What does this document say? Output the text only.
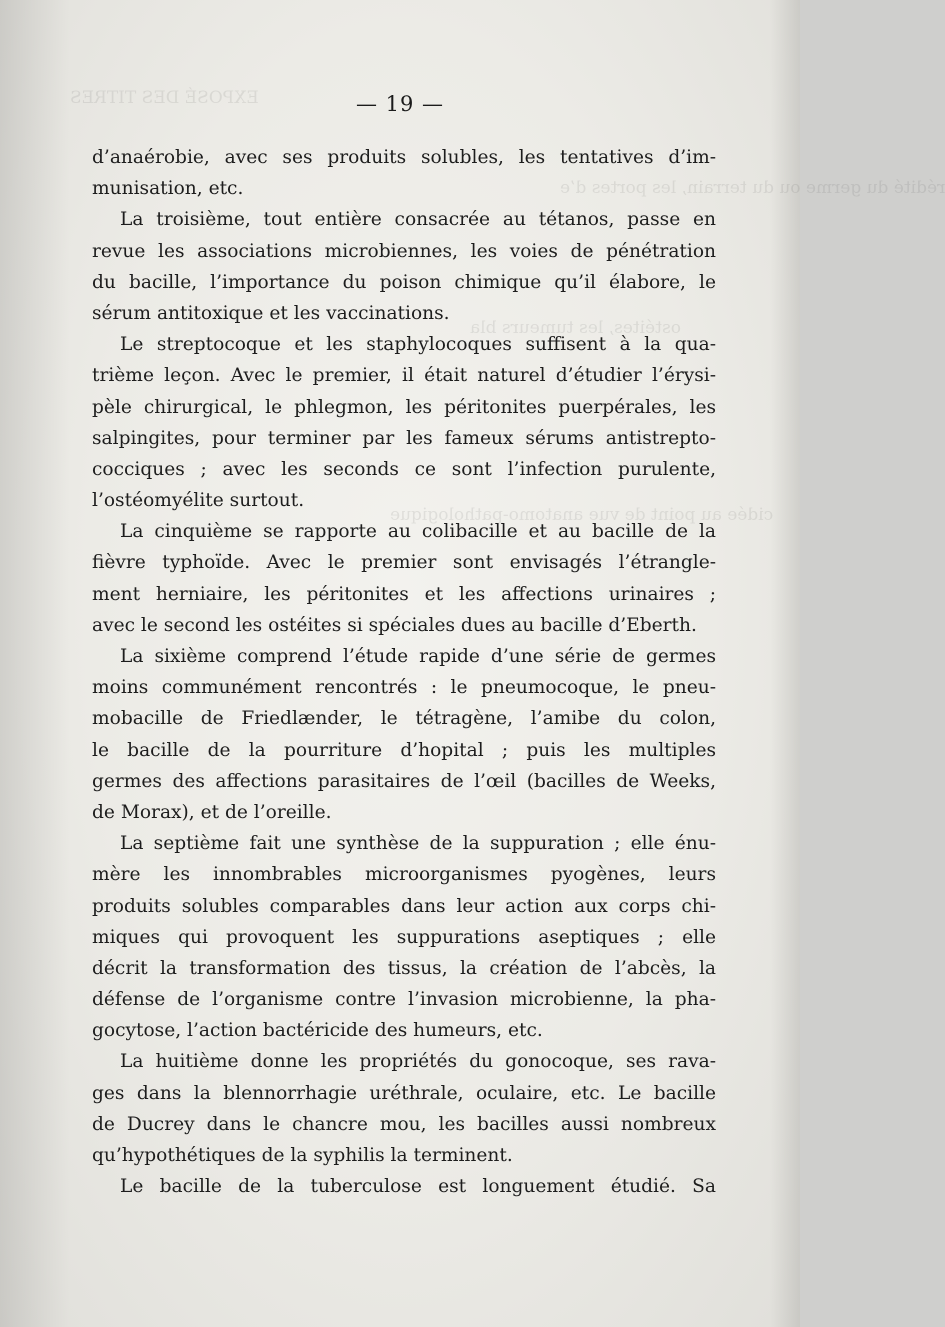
EXPOSÉ DES TITRES
rédité du germe ou du terrain, les portes d’e
ostéites, les tumeurs bla
cidée au point de vue anatomo-pathologique
— 19 —
d’anaérobie, avec ses produits solubles, les tentatives d’im-
munisation, etc.
La troisième, tout entière consacrée au tétanos, passe en
revue les associations microbiennes, les voies de pénétration
du bacille, l’importance du poison chimique qu’il élabore, le
sérum antitoxique et les vaccinations.
Le streptocoque et les staphylocoques suffisent à la qua-
trième leçon. Avec le premier, il était naturel d’étudier l’érysi-
pèle chirurgical, le phlegmon, les péritonites puerpérales, les
salpingites, pour terminer par les fameux sérums antistrepto-
cocciques ; avec les seconds ce sont l’infection purulente,
l’ostéomyélite surtout.
La cinquième se rapporte au colibacille et au bacille de la
fièvre typhoïde. Avec le premier sont envisagés l’étrangle-
ment herniaire, les péritonites et les affections urinaires ;
avec le second les ostéites si spéciales dues au bacille d’Eberth.
La sixième comprend l’étude rapide d’une série de germes
moins communément rencontrés : le pneumocoque, le pneu-
mobacille de Friedlænder, le tétragène, l’amibe du colon,
le bacille de la pourriture d’hopital ; puis les multiples
germes des affections parasitaires de l’œil (bacilles de Weeks,
de Morax), et de l’oreille.
La septième fait une synthèse de la suppuration ; elle énu-
mère les innombrables microorganismes pyogènes, leurs
produits solubles comparables dans leur action aux corps chi-
miques qui provoquent les suppurations aseptiques ; elle
décrit la transformation des tissus, la création de l’abcès, la
défense de l’organisme contre l’invasion microbienne, la pha-
gocytose, l’action bactéricide des humeurs, etc.
La huitième donne les propriétés du gonocoque, ses rava-
ges dans la blennorrhagie uréthrale, oculaire, etc. Le bacille
de Ducrey dans le chancre mou, les bacilles aussi nombreux
qu’hypothétiques de la syphilis la terminent.
Le bacille de la tuberculose est longuement étudié. Sa
